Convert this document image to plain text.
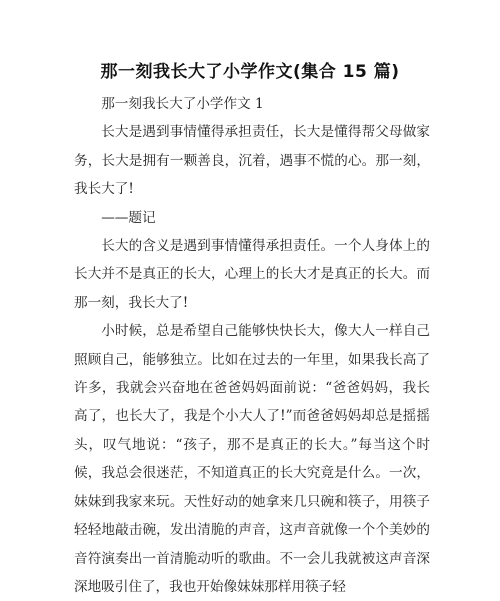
那一刻我长大了小学作文(集合 15 篇)

那一刻我长大了小学作文 1

长大是遇到事情懂得承担责任，长大是懂得帮父母做家务，长大是拥有一颗善良，沉着，遇事不慌的心。那一刻，我长大了!

——题记

长大的含义是遇到事情懂得承担责任。一个人身体上的长大并不是真正的长大，心理上的长大才是真正的长大。而那一刻，我长大了!

小时候，总是希望自己能够快快长大，像大人一样自己照顾自己，能够独立。比如在过去的一年里，如果我长高了许多，我就会兴奋地在爸爸妈妈面前说：“爸爸妈妈，我长高了，也长大了，我是个小大人了!”而爸爸妈妈却总是摇摇头，叹气地说：“孩子，那不是真正的长大。”每当这个时候，我总会很迷茫，不知道真正的长大究竟是什么。一次，妹妹到我家来玩。天性好动的她拿来几只碗和筷子，用筷子轻轻地敲击碗，发出清脆的声音，这声音就像一个个美妙的音符演奏出一首清脆动听的歌曲。不一会儿我就被这声音深深地吸引住了，我也开始像妹妹那样用筷子轻
